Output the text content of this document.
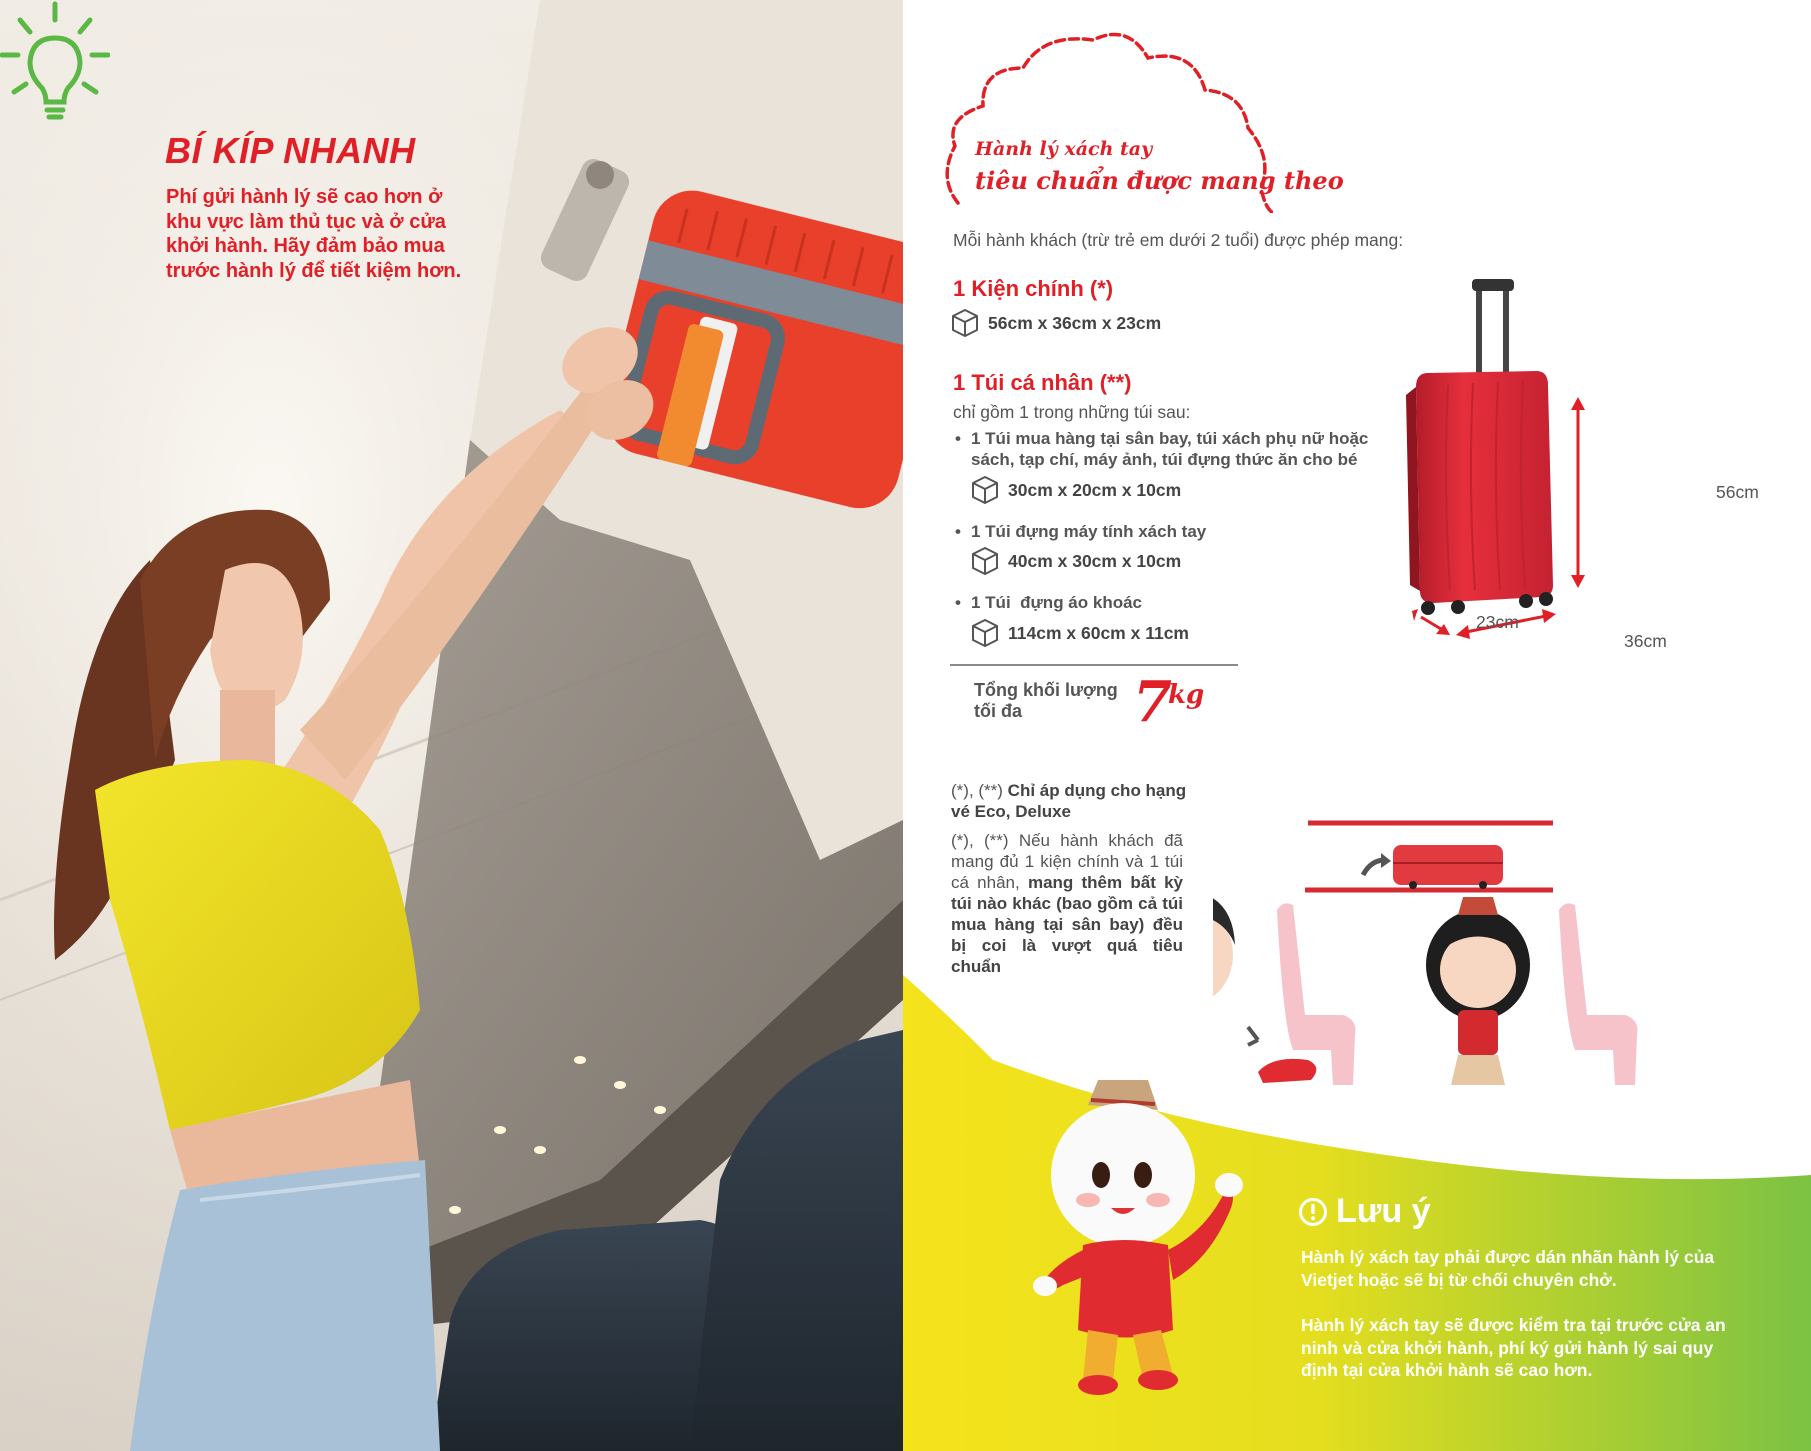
BÍ KÍP NHANH
Phí gửi hành lý sẽ cao hơn ở khu vực làm thủ tục và ở cửa khởi hành. Hãy đảm bảo mua trước hành lý để tiết kiệm hơn.
Hành lý xách tay
tiêu chuẩn được mang theo
Mỗi hành khách (trừ trẻ em dưới 2 tuổi) được phép mang:
1 Kiện chính (*)
56cm x 36cm x 23cm
1 Túi cá nhân (**)
chỉ gồm 1 trong những túi sau:
• 1 Túi mua hàng tại sân bay, túi xách phụ nữ hoặc
sách, tạp chí, máy ảnh, túi đựng thức ăn cho bé
30cm x 20cm x 10cm
• 1 Túi đựng máy tính xách tay
40cm x 30cm x 10cm
• 1 Túi  đựng áo khoác
114cm x 60cm x 11cm
Tổng khối lượng tối đa	7
kg
56cm
23cm
36cm
(*), (**) Chỉ áp dụng cho hạng vé Eco, Deluxe
(*), (**) Nếu hành khách đã mang đủ 1 kiện chính và 1 túi cá nhân, mang thêm bất kỳ túi nào khác (bao gồm cả túi mua hàng tại sân bay) đều bị coi là vượt quá tiêu chuẩn
Lưu ý
Hành lý xách tay phải được dán nhãn hành lý của Vietjet hoặc sẽ bị từ chối chuyên chở.
Hành lý xách tay sẽ được kiểm tra tại trước cửa an ninh và cửa khởi hành, phí ký gửi hành lý sai quy định tại cửa khởi hành sẽ cao hơn.
